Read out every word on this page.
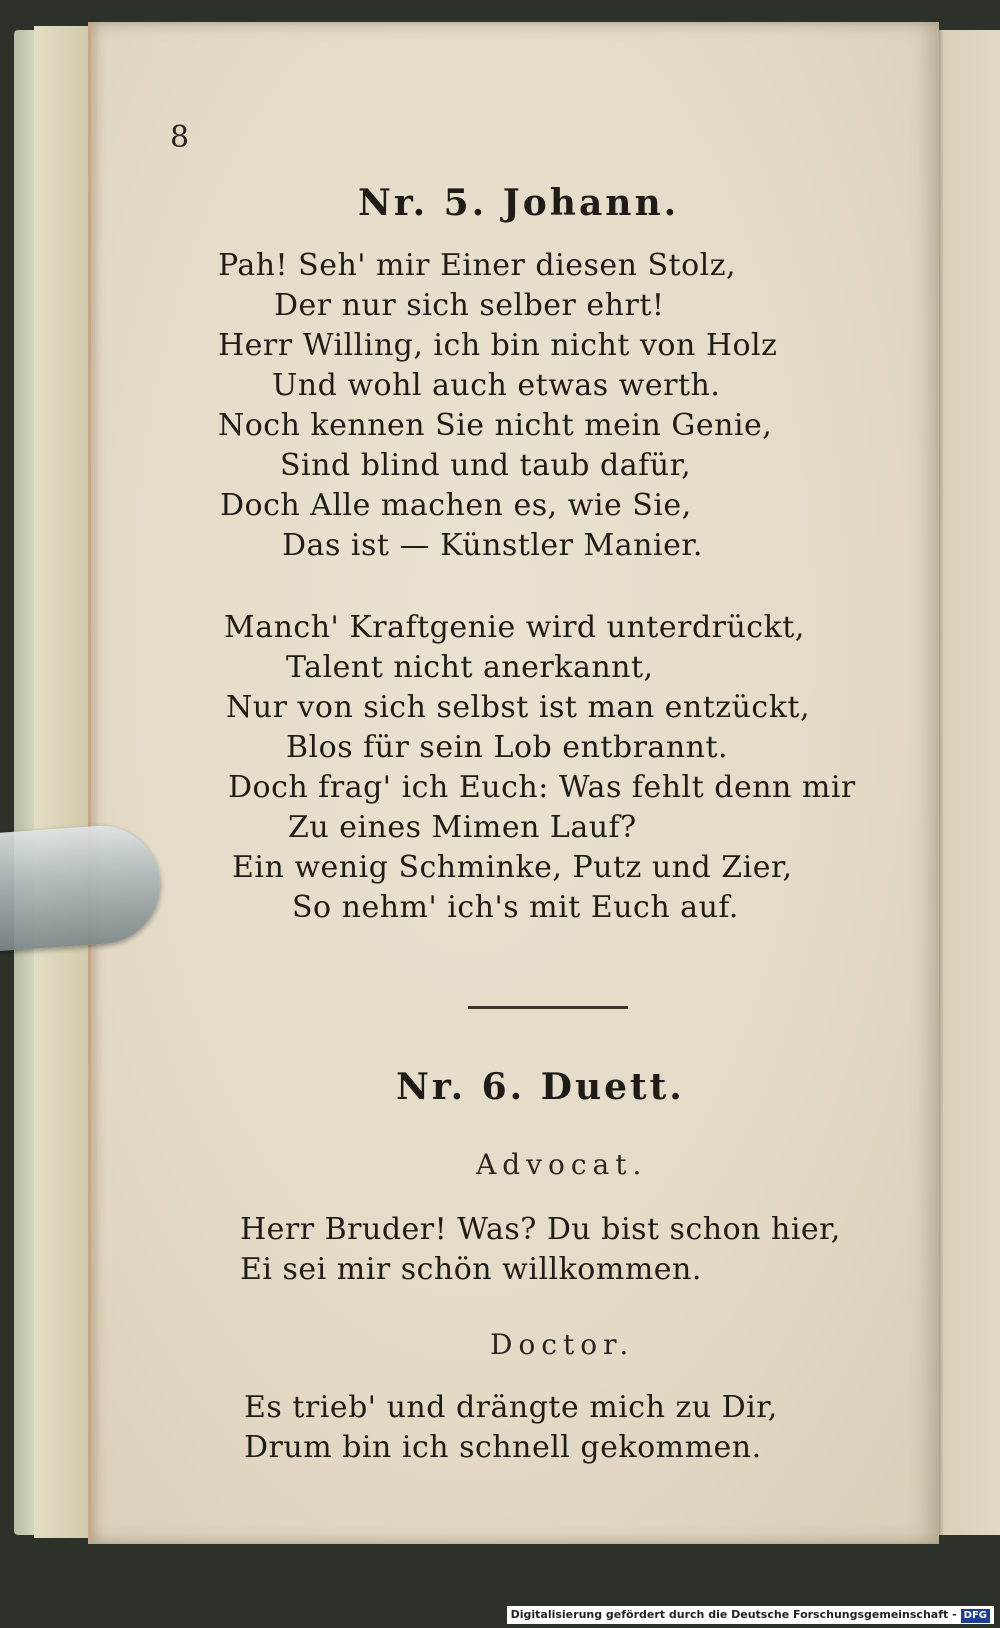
8
Nr. 5. Johann.
Pah! Seh' mir Einer diesen Stolz,
Der nur sich selber ehrt!
Herr Willing, ich bin nicht von Holz
Und wohl auch etwas werth.
Noch kennen Sie nicht mein Genie,
Sind blind und taub dafür,
Doch Alle machen es, wie Sie,
Das ist — Künstler Manier.
Manch' Kraftgenie wird unterdrückt,
Talent nicht anerkannt,
Nur von sich selbst ist man entzückt,
Blos für sein Lob entbrannt.
Doch frag' ich Euch: Was fehlt denn mir
Zu eines Mimen Lauf?
Ein wenig Schminke, Putz und Zier,
So nehm' ich's mit Euch auf.
Nr. 6. Duett.
Advocat.
Herr Bruder! Was? Du bist schon hier,
Ei sei mir schön willkommen.
Doctor.
Es trieb' und drängte mich zu Dir,
Drum bin ich schnell gekommen.
Digitalisierung gefördert durch die Deutsche Forschungsgemeinschaft - DFG
